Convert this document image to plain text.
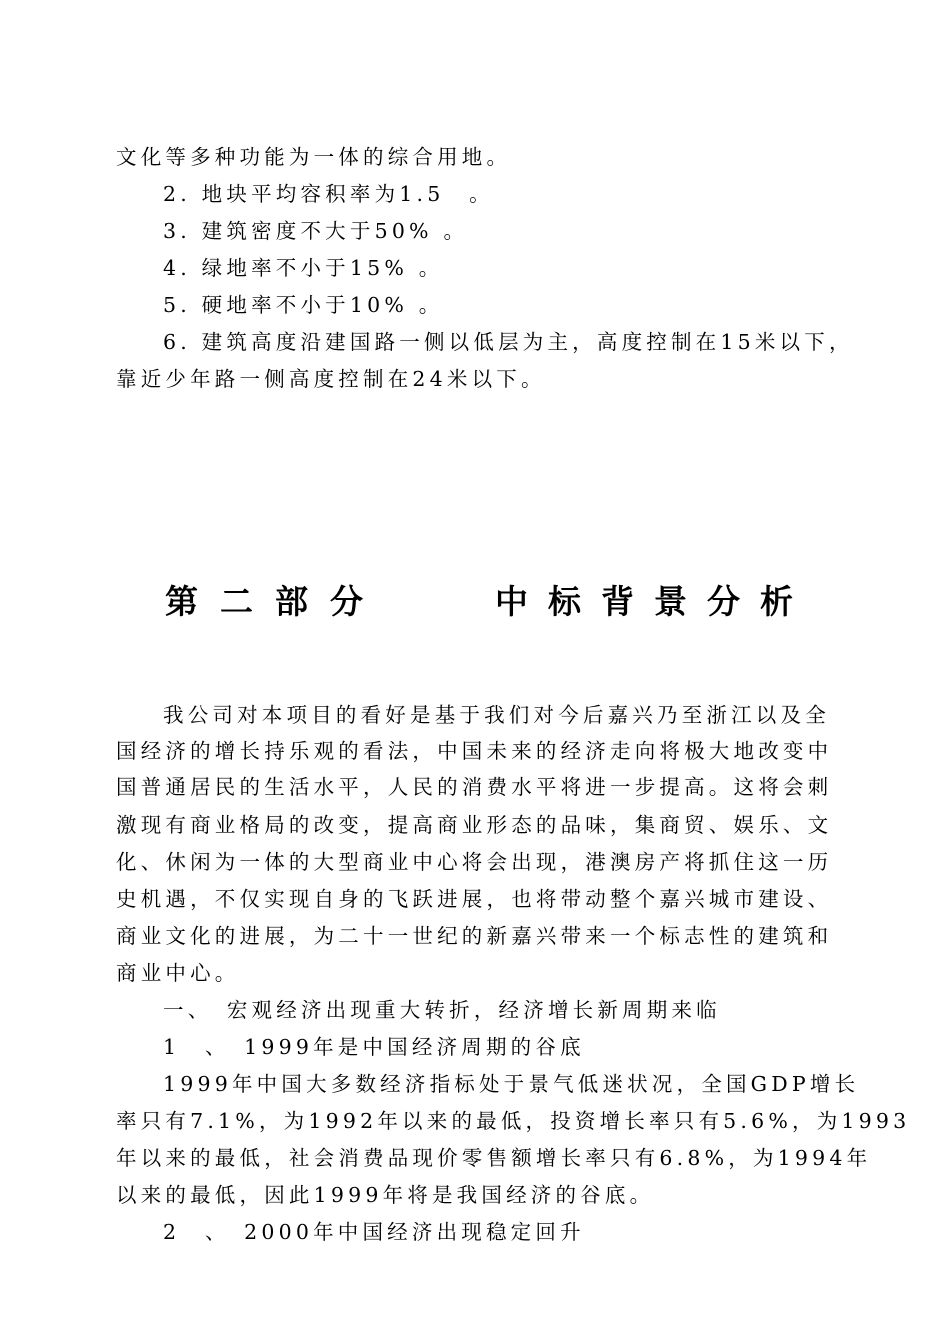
文化等多种功能为一体的综合用地。
2. 地块平均容积率为1.5　。
3. 建筑密度不大于50% 。
4. 绿地率不小于15% 。
5. 硬地率不小于10% 。
6. 建筑高度沿建国路一侧以低层为主，高度控制在15米以下，
靠近少年路一侧高度控制在24米以下。
第二部分	中标背景分析
我公司对本项目的看好是基于我们对今后嘉兴乃至浙江以及全
国经济的增长持乐观的看法，中国未来的经济走向将极大地改变中
国普通居民的生活水平，人民的消费水平将进一步提高。这将会刺
激现有商业格局的改变，提高商业形态的品味，集商贸、娱乐、文
化、休闲为一体的大型商业中心将会出现，港澳房产将抓住这一历
史机遇，不仅实现自身的飞跃进展，也将带动整个嘉兴城市建设、
商业文化的进展，为二十一世纪的新嘉兴带来一个标志性的建筑和
商业中心。
一、　宏观经济出现重大转折，经济增长新周期来临
1　、　1999年是中国经济周期的谷底
1999年中国大多数经济指标处于景气低迷状况，全国GDP增长
率只有7.1%，为1992年以来的最低，投资增长率只有5.6%，为1993
年以来的最低，社会消费品现价零售额增长率只有6.8%，为1994年
以来的最低，因此1999年将是我国经济的谷底。
2　、　2000年中国经济出现稳定回升
